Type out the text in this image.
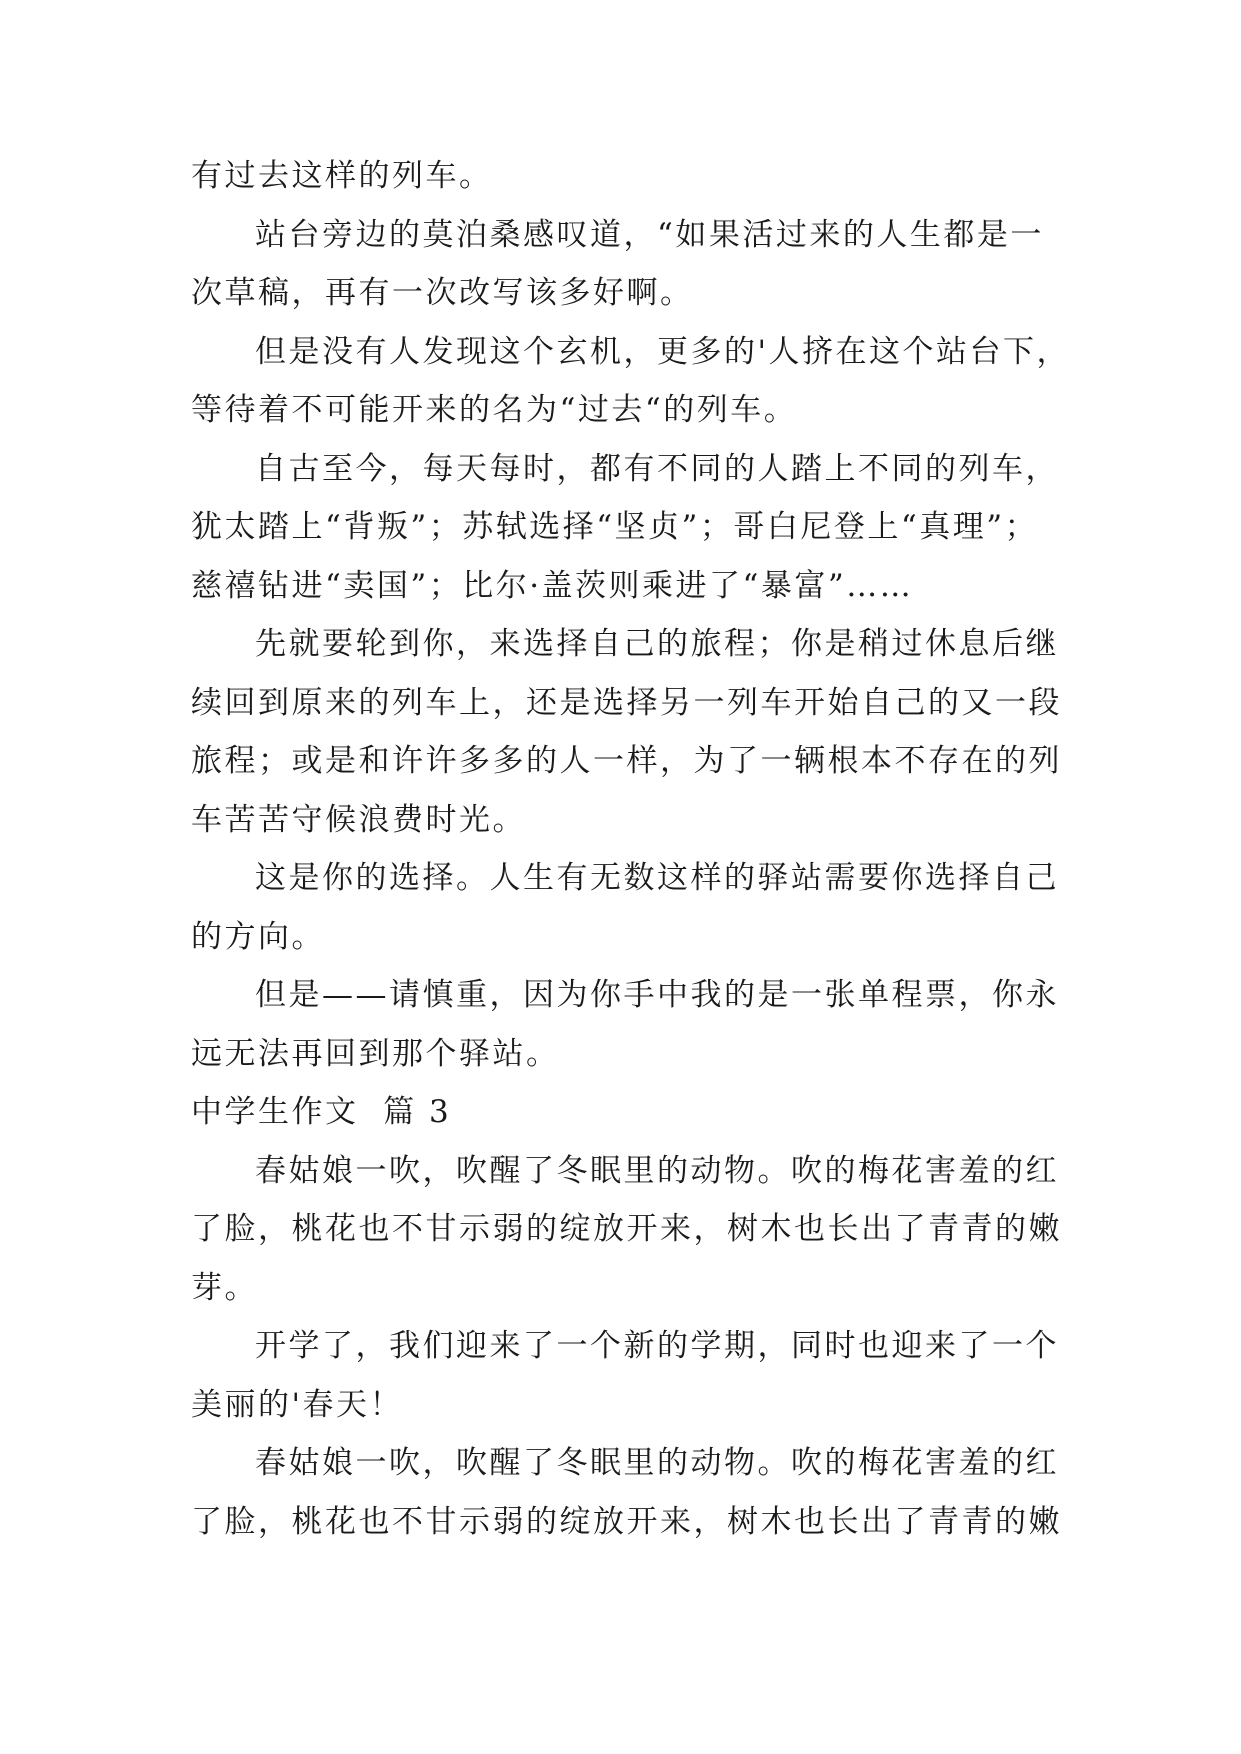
有过去这样的列车。
站台旁边的莫泊桑感叹道，“如果活过来的人生都是一
次草稿，再有一次改写该多好啊。
但是没有人发现这个玄机，更多的'人挤在这个站台下，
等待着不可能开来的名为“过去“的列车。
自古至今，每天每时，都有不同的人踏上不同的列车，
犹太踏上“背叛”；苏轼选择“坚贞”；哥白尼登上“真理”；
慈禧钻进“卖国”；比尔·盖茨则乘进了“暴富”……
先就要轮到你，来选择自己的旅程；你是稍过休息后继
续回到原来的列车上，还是选择另一列车开始自己的又一段
旅程；或是和许许多多的人一样，为了一辆根本不存在的列
车苦苦守候浪费时光。
这是你的选择。人生有无数这样的驿站需要你选择自己
的方向。
但是——请慎重，因为你手中我的是一张单程票，你永
远无法再回到那个驿站。
中学生作文  篇 3
春姑娘一吹，吹醒了冬眠里的动物。吹的梅花害羞的红
了脸，桃花也不甘示弱的绽放开来，树木也长出了青青的嫩
芽。
开学了，我们迎来了一个新的学期，同时也迎来了一个
美丽的'春天！
春姑娘一吹，吹醒了冬眠里的动物。吹的梅花害羞的红
了脸，桃花也不甘示弱的绽放开来，树木也长出了青青的嫩
